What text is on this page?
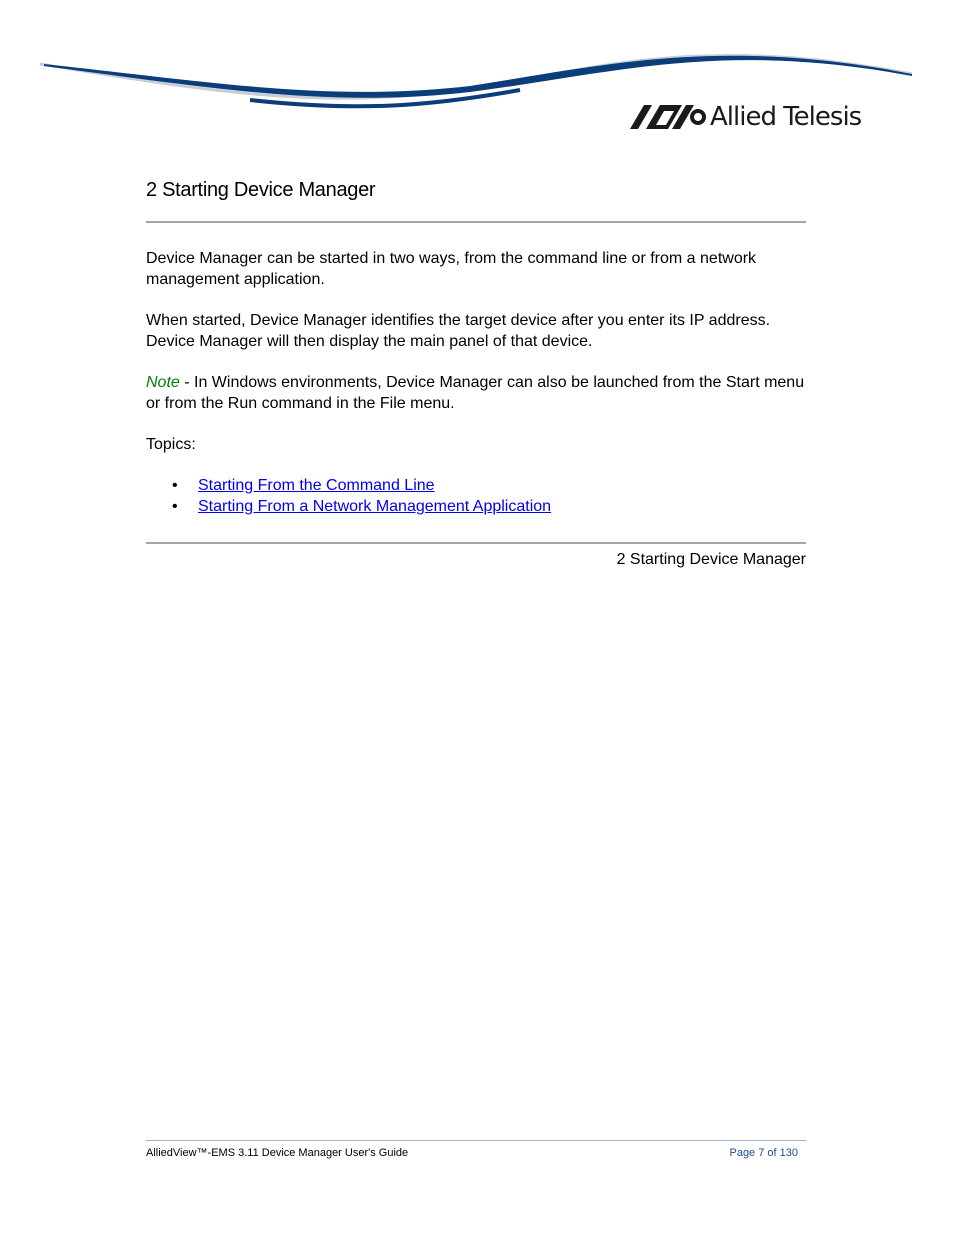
Allied Telesis
2 Starting Device Manager

Device Manager can be started in two ways, from the command line or from a network management application.

When started, Device Manager identifies the target device after you enter its IP address. Device Manager will then display the main panel of that device.

Note - In Windows environments, Device Manager can also be launched from the Start menu or from the Run command in the File menu.

Topics:

• Starting From the Command Line
• Starting From a Network Management Application
2 Starting Device Manager
AlliedView™-EMS 3.11 Device Manager User's Guide	Page 7 of 130
